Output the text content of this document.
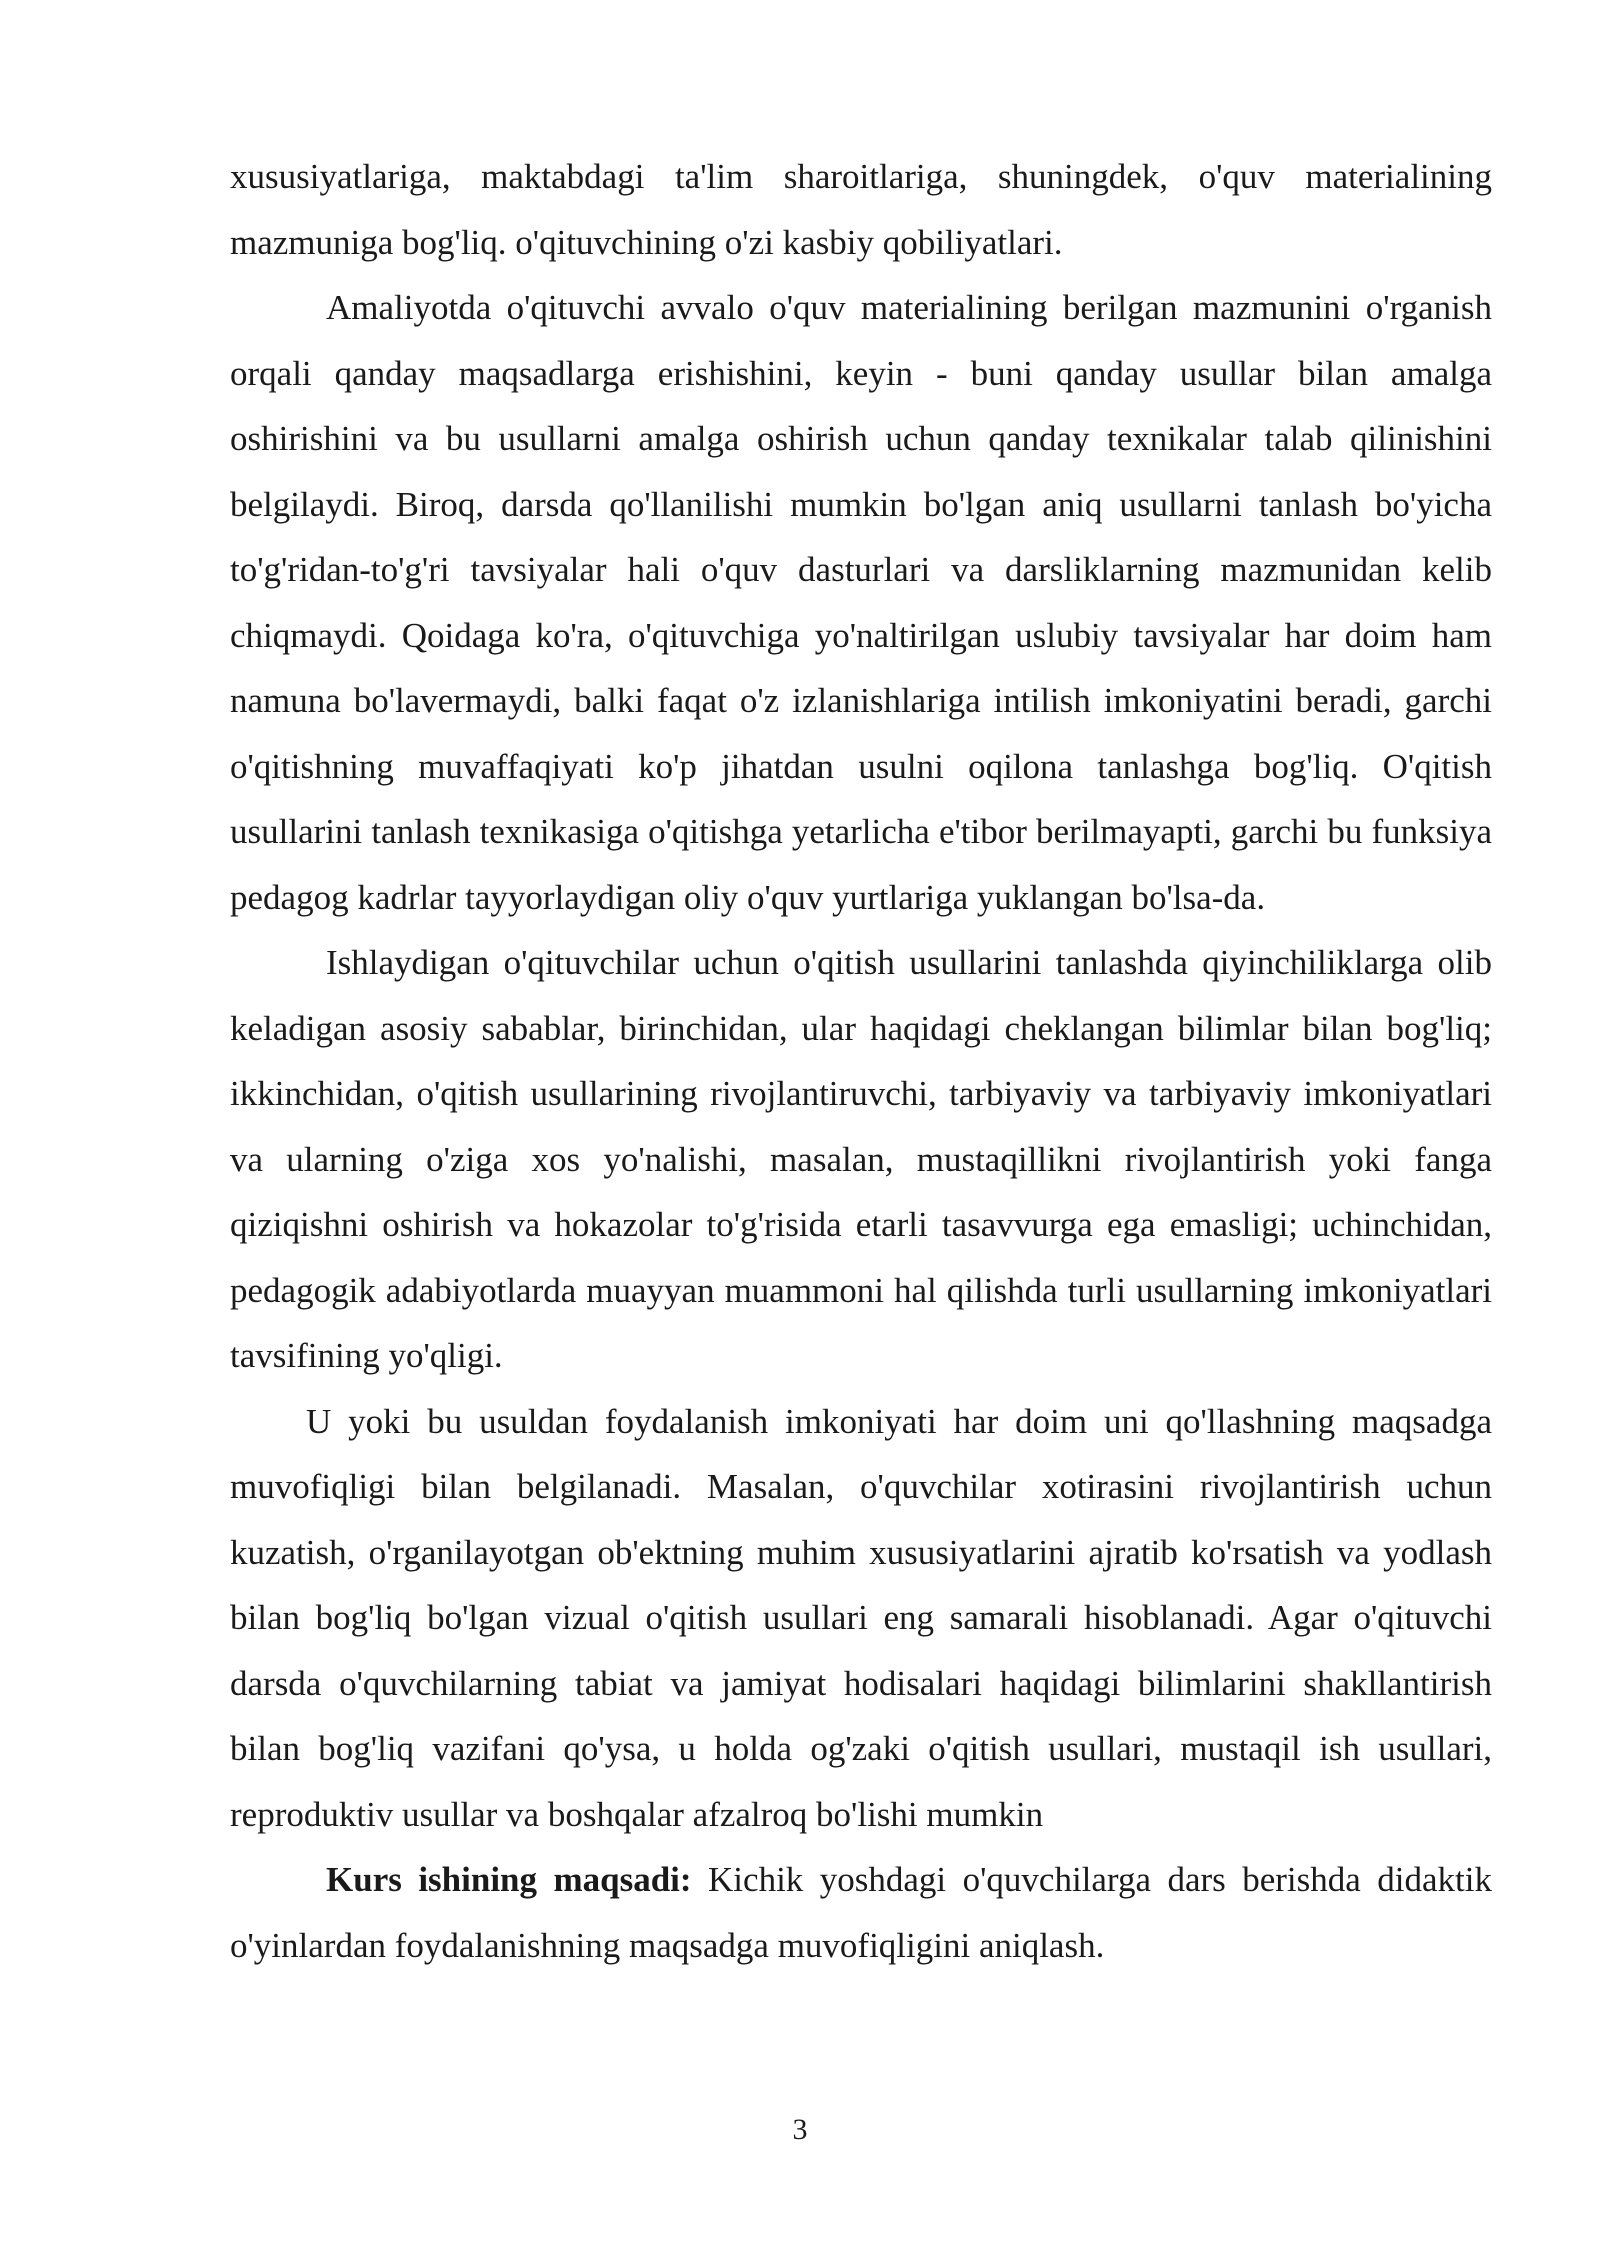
xususiyatlariga, maktabdagi ta'lim sharoitlariga, shuningdek, o'quv materialining mazmuniga bog'liq. o'qituvchining o'zi kasbiy qobiliyatlari.

Amaliyotda o'qituvchi avvalo o'quv materialining berilgan mazmunini o'rganish orqali qanday maqsadlarga erishishini, keyin - buni qanday usullar bilan amalga oshirishini va bu usullarni amalga oshirish uchun qanday texnikalar talab qilinishini belgilaydi. Biroq, darsda qo'llanilishi mumkin bo'lgan aniq usullarni tanlash bo'yicha to'g'ridan-to'g'ri tavsiyalar hali o'quv dasturlari va darsliklarning mazmunidan kelib chiqmaydi. Qoidaga ko'ra, o'qituvchiga yo'naltirilgan uslubiy tavsiyalar har doim ham namuna bo'lavermaydi, balki faqat o'z izlanishlariga intilish imkoniyatini beradi, garchi o'qitishning muvaffaqiyati ko'p jihatdan usulni oqilona tanlashga bog'liq. O'qitish usullarini tanlash texnikasiga o'qitishga yetarlicha e'tibor berilmayapti, garchi bu funksiya pedagog kadrlar tayyorlaydigan oliy o'quv yurtlariga yuklangan bo'lsa-da.

Ishlaydigan o'qituvchilar uchun o'qitish usullarini tanlashda qiyinchiliklarga olib keladigan asosiy sabablar, birinchidan, ular haqidagi cheklangan bilimlar bilan bog'liq; ikkinchidan, o'qitish usullarining rivojlantiruvchi, tarbiyaviy va tarbiyaviy imkoniyatlari va ularning o'ziga xos yo'nalishi, masalan, mustaqillikni rivojlantirish yoki fanga qiziqishni oshirish va hokazolar to'g'risida etarli tasavvurga ega emasligi; uchinchidan, pedagogik adabiyotlarda muayyan muammoni hal qilishda turli usullarning imkoniyatlari tavsifining yo'qligi.

U yoki bu usuldan foydalanish imkoniyati har doim uni qo'llashning maqsadga muvofiqligi bilan belgilanadi. Masalan, o'quvchilar xotirasini rivojlantirish uchun kuzatish, o'rganilayotgan ob'ektning muhim xususiyatlarini ajratib ko'rsatish va yodlash bilan bog'liq bo'lgan vizual o'qitish usullari eng samarali hisoblanadi. Agar o'qituvchi darsda o'quvchilarning tabiat va jamiyat hodisalari haqidagi bilimlarini shakllantirish bilan bog'liq vazifani qo'ysa, u holda og'zaki o'qitish usullari, mustaqil ish usullari, reproduktiv usullar va boshqalar afzalroq bo'lishi mumkin

Kurs ishining maqsadi: Kichik yoshdagi o'quvchilarga dars berishda didaktik o'yinlardan foydalanishning maqsadga muvofiqligini aniqlash.

3
